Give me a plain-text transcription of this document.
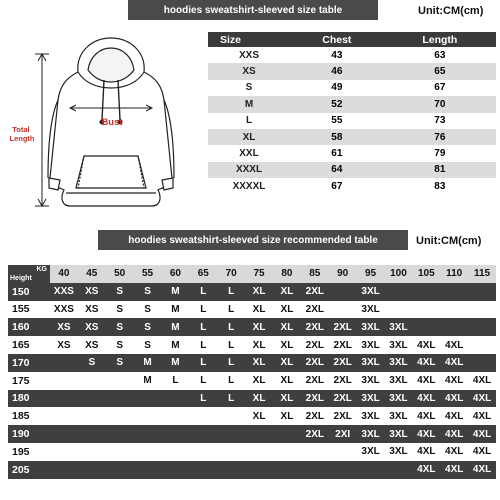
hoodies sweatshirt-sleeved size table	Unit:CM(cm)
Total Length
Bust
Size	Chest	Length
XXS	43	63
XS	46	65
S	49	67
M	52	70
L	55	73
XL	58	76
XXL	61	79
XXXL	64	81
XXXXL	67	83
hoodies sweatshirt-sleeved size recommended table	Unit:CM(cm)
KG
Height	40	45	50	55	60	65	70	75	80	85	90	95	100	105	110	115
150	XXS	XS	S	S	M	L	L	XL	XL	2XL		3XL				
155	XXS	XS	S	S	M	L	L	XL	XL	2XL		3XL				
160	XS	XS	S	S	M	L	L	XL	XL	2XL	2XL	3XL	3XL			
165	XS	XS	S	S	M	L	L	XL	XL	2XL	2XL	3XL	3XL	4XL	4XL	
170		S	S	M	M	L	L	XL	XL	2XL	2XL	3XL	3XL	4XL	4XL	
175				M	L	L	L	XL	XL	2XL	2XL	3XL	3XL	4XL	4XL	4XL
180						L	L	XL	XL	2XL	2XL	3XL	3XL	4XL	4XL	4XL
185								XL	XL	2XL	2XL	3XL	3XL	4XL	4XL	4XL
190										2XL	2XI	3XL	3XL	4XL	4XL	4XL
195												3XL	3XL	4XL	4XL	4XL
205														4XL	4XL	4XL
